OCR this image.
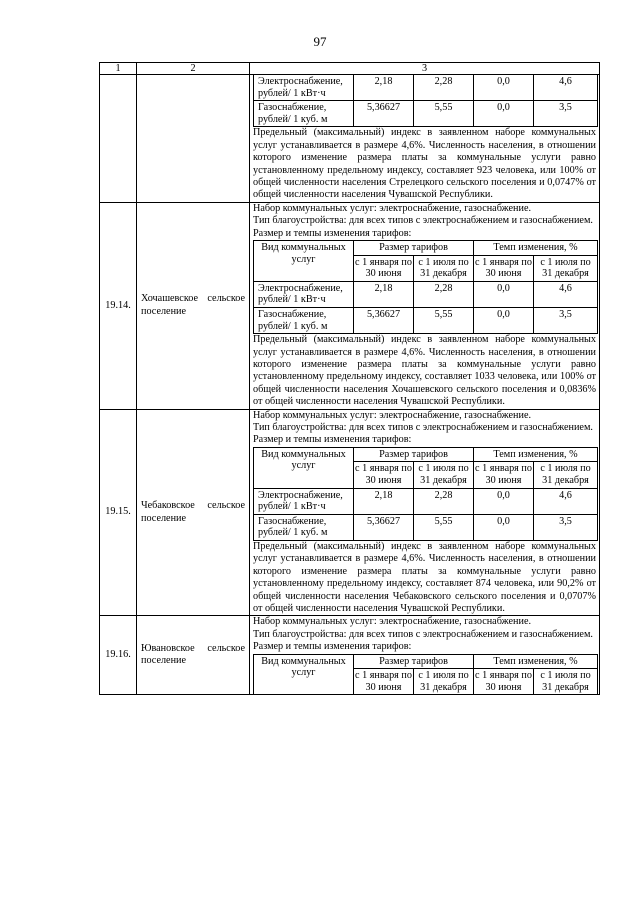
97
1	2	3

Электроснабжение, рублей/ 1 кВт·ч	2,18	2,28	0,0	4,6
Газоснабжение, рублей/ 1 куб. м	5,36627	5,55	0,0	3,5
Предельный (максимальный) индекс в заявленном наборе коммунальных услуг устанавливается в размере 4,6%. Численность населения, в отношении которого изменение размера платы за коммунальные услуги равно установленному предельному индексу, составляет 923 человека, или 100% от общей численности населения Стрелецкого сельского поселения и 0,0747% от общей численности населения Чувашской Республики.

19.14.	Хочашевское сельское поселение	
Набор коммунальных услуг: электроснабжение, газоснабжение.
Тип благоустройства: для всех типов с электроснабжением и газоснабжением.
Размер и темпы изменения тарифов:
Вид коммунальных услуг	Размер тарифов	Темп изменения, %
с 1 января по 30 июня	с 1 июля по 31 декабря	с 1 января по 30 июня	с 1 июля по 31 декабря
Электроснабжение, рублей/ 1 кВт·ч	2,18	2,28	0,0	4,6
Газоснабжение, рублей/ 1 куб. м	5,36627	5,55	0,0	3,5
Предельный (максимальный) индекс в заявленном наборе коммунальных услуг устанавливается в размере 4,6%. Численность населения, в отношении которого изменение размера платы за коммунальные услуги равно установленному предельному индексу, составляет 1033 человека, или 100% от общей численности населения Хочашевского сельского поселения и 0,0836% от общей численности населения Чувашской Республики.

19.15.	Чебаковское сельское поселение	
Набор коммунальных услуг: электроснабжение, газоснабжение.
Тип благоустройства: для всех типов с электроснабжением и газоснабжением.
Размер и темпы изменения тарифов:
Вид коммунальных услуг	Размер тарифов	Темп изменения, %
с 1 января по 30 июня	с 1 июля по 31 декабря	с 1 января по 30 июня	с 1 июля по 31 декабря
Электроснабжение, рублей/ 1 кВт·ч	2,18	2,28	0,0	4,6
Газоснабжение, рублей/ 1 куб. м	5,36627	5,55	0,0	3,5
Предельный (максимальный) индекс в заявленном наборе коммунальных услуг устанавливается в размере 4,6%. Численность населения, в отношении которого изменение размера платы за коммунальные услуги равно установленному предельному индексу, составляет 874 человека, или 90,2% от общей численности населения Чебаковского сельского поселения и 0,0707% от общей численности населения Чувашской Республики.

19.16.	Ювановское сельское поселение	
Набор коммунальных услуг: электроснабжение, газоснабжение.
Тип благоустройства: для всех типов с электроснабжением и газоснабжением.
Размер и темпы изменения тарифов:
Вид коммунальных услуг	Размер тарифов	Темп изменения, %
с 1 января по 30 июня	с 1 июля по 31 декабря	с 1 января по 30 июня	с 1 июля по 31 декабря
